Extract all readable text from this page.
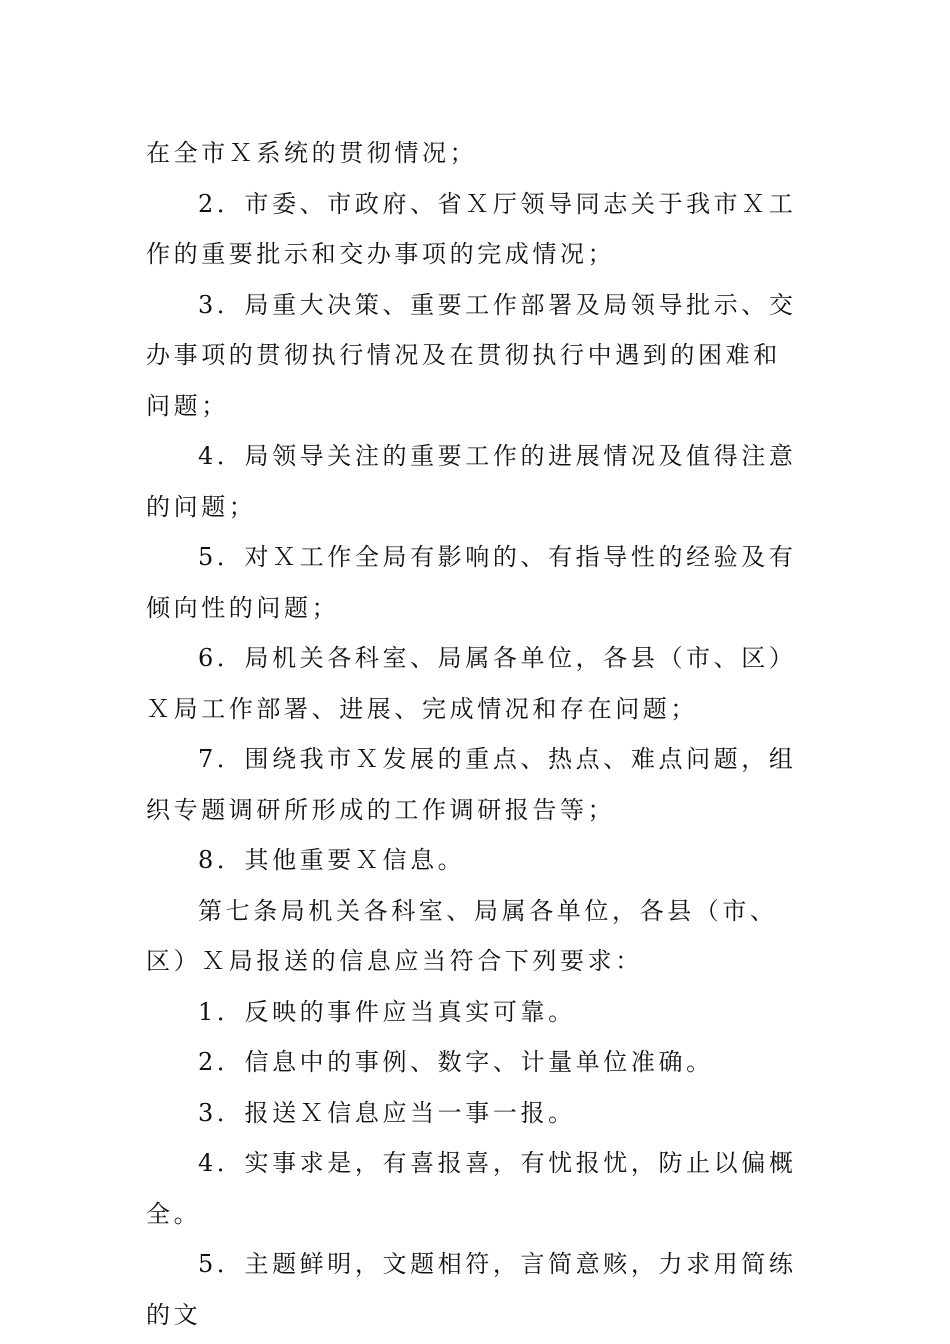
在全市Ｘ系统的贯彻情况；

2．市委、市政府、省Ｘ厅领导同志关于我市Ｘ工作的重要批示和交办事项的完成情况；

3．局重大决策、重要工作部署及局领导批示、交办事项的贯彻执行情况及在贯彻执行中遇到的困难和问题；

4．局领导关注的重要工作的进展情况及值得注意的问题；

5．对Ｘ工作全局有影响的、有指导性的经验及有倾向性的问题；

6．局机关各科室、局属各单位，各县（市、区）Ｘ局工作部署、进展、完成情况和存在问题；

7．围绕我市Ｘ发展的重点、热点、难点问题，组织专题调研所形成的工作调研报告等；

8．其他重要Ｘ信息。

第七条局机关各科室、局属各单位，各县（市、区）Ｘ局报送的信息应当符合下列要求：

1．反映的事件应当真实可靠。

2．信息中的事例、数字、计量单位准确。

3．报送Ｘ信息应当一事一报。

4．实事求是，有喜报喜，有忧报忧，防止以偏概全。

5．主题鲜明，文题相符，言简意赅，力求用简练的文
